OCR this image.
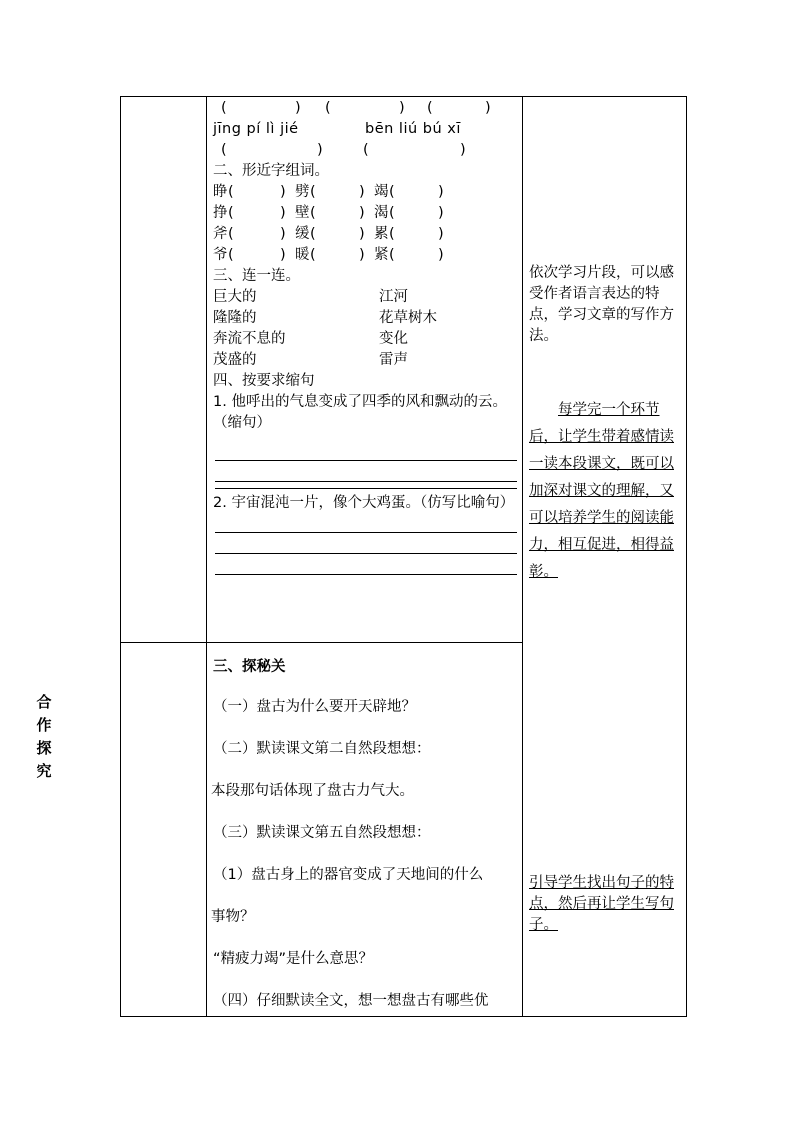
(	) (	) (	)
jīng pí lì jié	bēn liú bú xī
(	)	(	)
二、形近字组词。
睁 (	) 劈 (	) 竭 (	)
挣 (	) 壁 (	) 渴 (	)
斧 (	) 缓 (	) 累 (	)
爷 (	) 暖 (	) 紧 (	)
三、连一连。
巨大的	江河
隆隆的	花草树木
奔流不息的	变化
茂盛的	雷声
四、按要求缩句
1. 他呼出的气息变成了四季的风和飘动的云。（缩句）
2. 宇宙混沌一片，像个大鸡蛋。（仿写比喻句）
依次学习片段，可以感受作者语言表达的特点，学习文章的写作方法。
每学完一个环节后，让学生带着感情读一读本段课文，既可以加深对课文的理解，又可以培养学生的阅读能力，相互促进，相得益彰。
三、探秘关
（一）盘古为什么要开天辟地？
（二）默读课文第二自然段想想：
本段那句话体现了盘古力气大。
（三）默读课文第五自然段想想：
（1）盘古身上的器官变成了天地间的什么
事物？
“精疲力竭”是什么意思？
（四）仔细默读全文，想一想盘古有哪些优
引导学生找出句子的特点，然后再让学生写句子。
合作探究
